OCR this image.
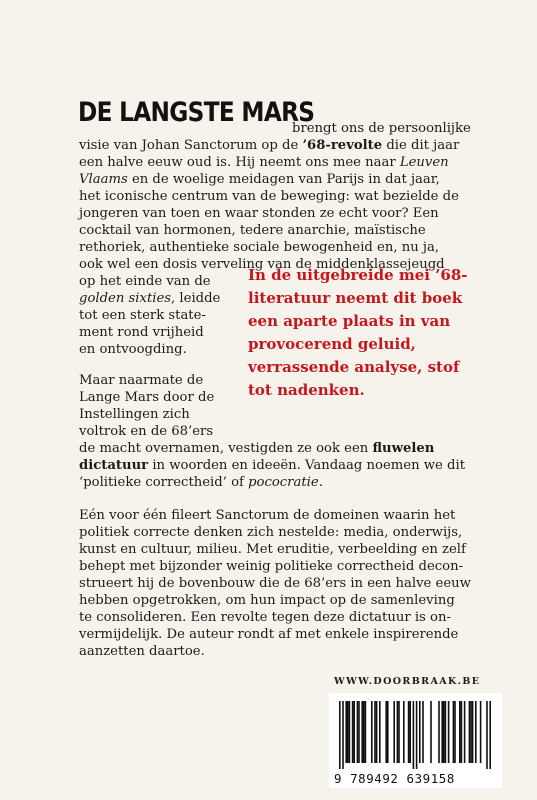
DE LANGSTE MARS
brengt ons de persoonlijke
visie van Johan Sanctorum op de ’68-revolte die dit jaar
een halve eeuw oud is. Hij neemt ons mee naar Leuven
Vlaams en de woelige meidagen van Parijs in dat jaar,
het iconische centrum van de beweging: wat bezielde de
jongeren van toen en waar stonden ze echt voor? Een
cocktail van hormonen, tedere anarchie, maïstische
rethoriek, authentieke sociale bewogenheid en, nu ja,
ook wel een dosis verveling van de middenklassejeugd
op het einde van de
golden sixties, leidde
tot een sterk state-
ment rond vrijheid
en ontvoogding.
In de uitgebreide mei ’68-
literatuur neemt dit boek
een aparte plaats in van
provocerend geluid,
verrassende analyse, stof
tot nadenken.
Maar naarmate de
Lange Mars door de
Instellingen zich
voltrok en de 68’ers
de macht overnamen, vestigden ze ook een fluwelen
dictatuur in woorden en ideeën. Vandaag noemen we dit
‘politieke correctheid’ of pococratie.
Eén voor één fileert Sanctorum de domeinen waarin het
politiek correcte denken zich nestelde: media, onderwijs,
kunst en cultuur, milieu. Met eruditie, verbeelding en zelf
behept met bijzonder weinig politieke correctheid decon-
strueert hij de bovenbouw die de 68’ers in een halve eeuw
hebben opgetrokken, om hun impact op de samenleving
te consolideren. Een revolte tegen deze dictatuur is on-
vermijdelijk. De auteur rondt af met enkele inspirerende
aanzetten daartoe.
WWW.DOORBRAAK.BE
9 789492 639158
